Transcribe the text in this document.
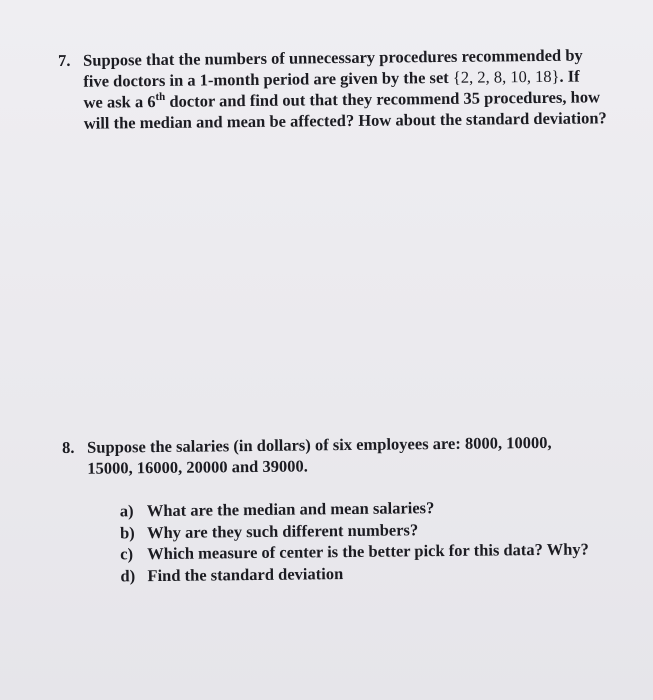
7. Suppose that the numbers of unnecessary procedures recommended by
five doctors in a 1-month period are given by the set {2, 2, 8, 10, 18}. If
we ask a 6th doctor and find out that they recommend 35 procedures, how
will the median and mean be affected? How about the standard deviation?
8. Suppose the salaries (in dollars) of six employees are: 8000, 10000,
15000, 16000, 20000 and 39000.
a) What are the median and mean salaries?
b) Why are they such different numbers?
c) Which measure of center is the better pick for this data? Why?
d) Find the standard deviation
